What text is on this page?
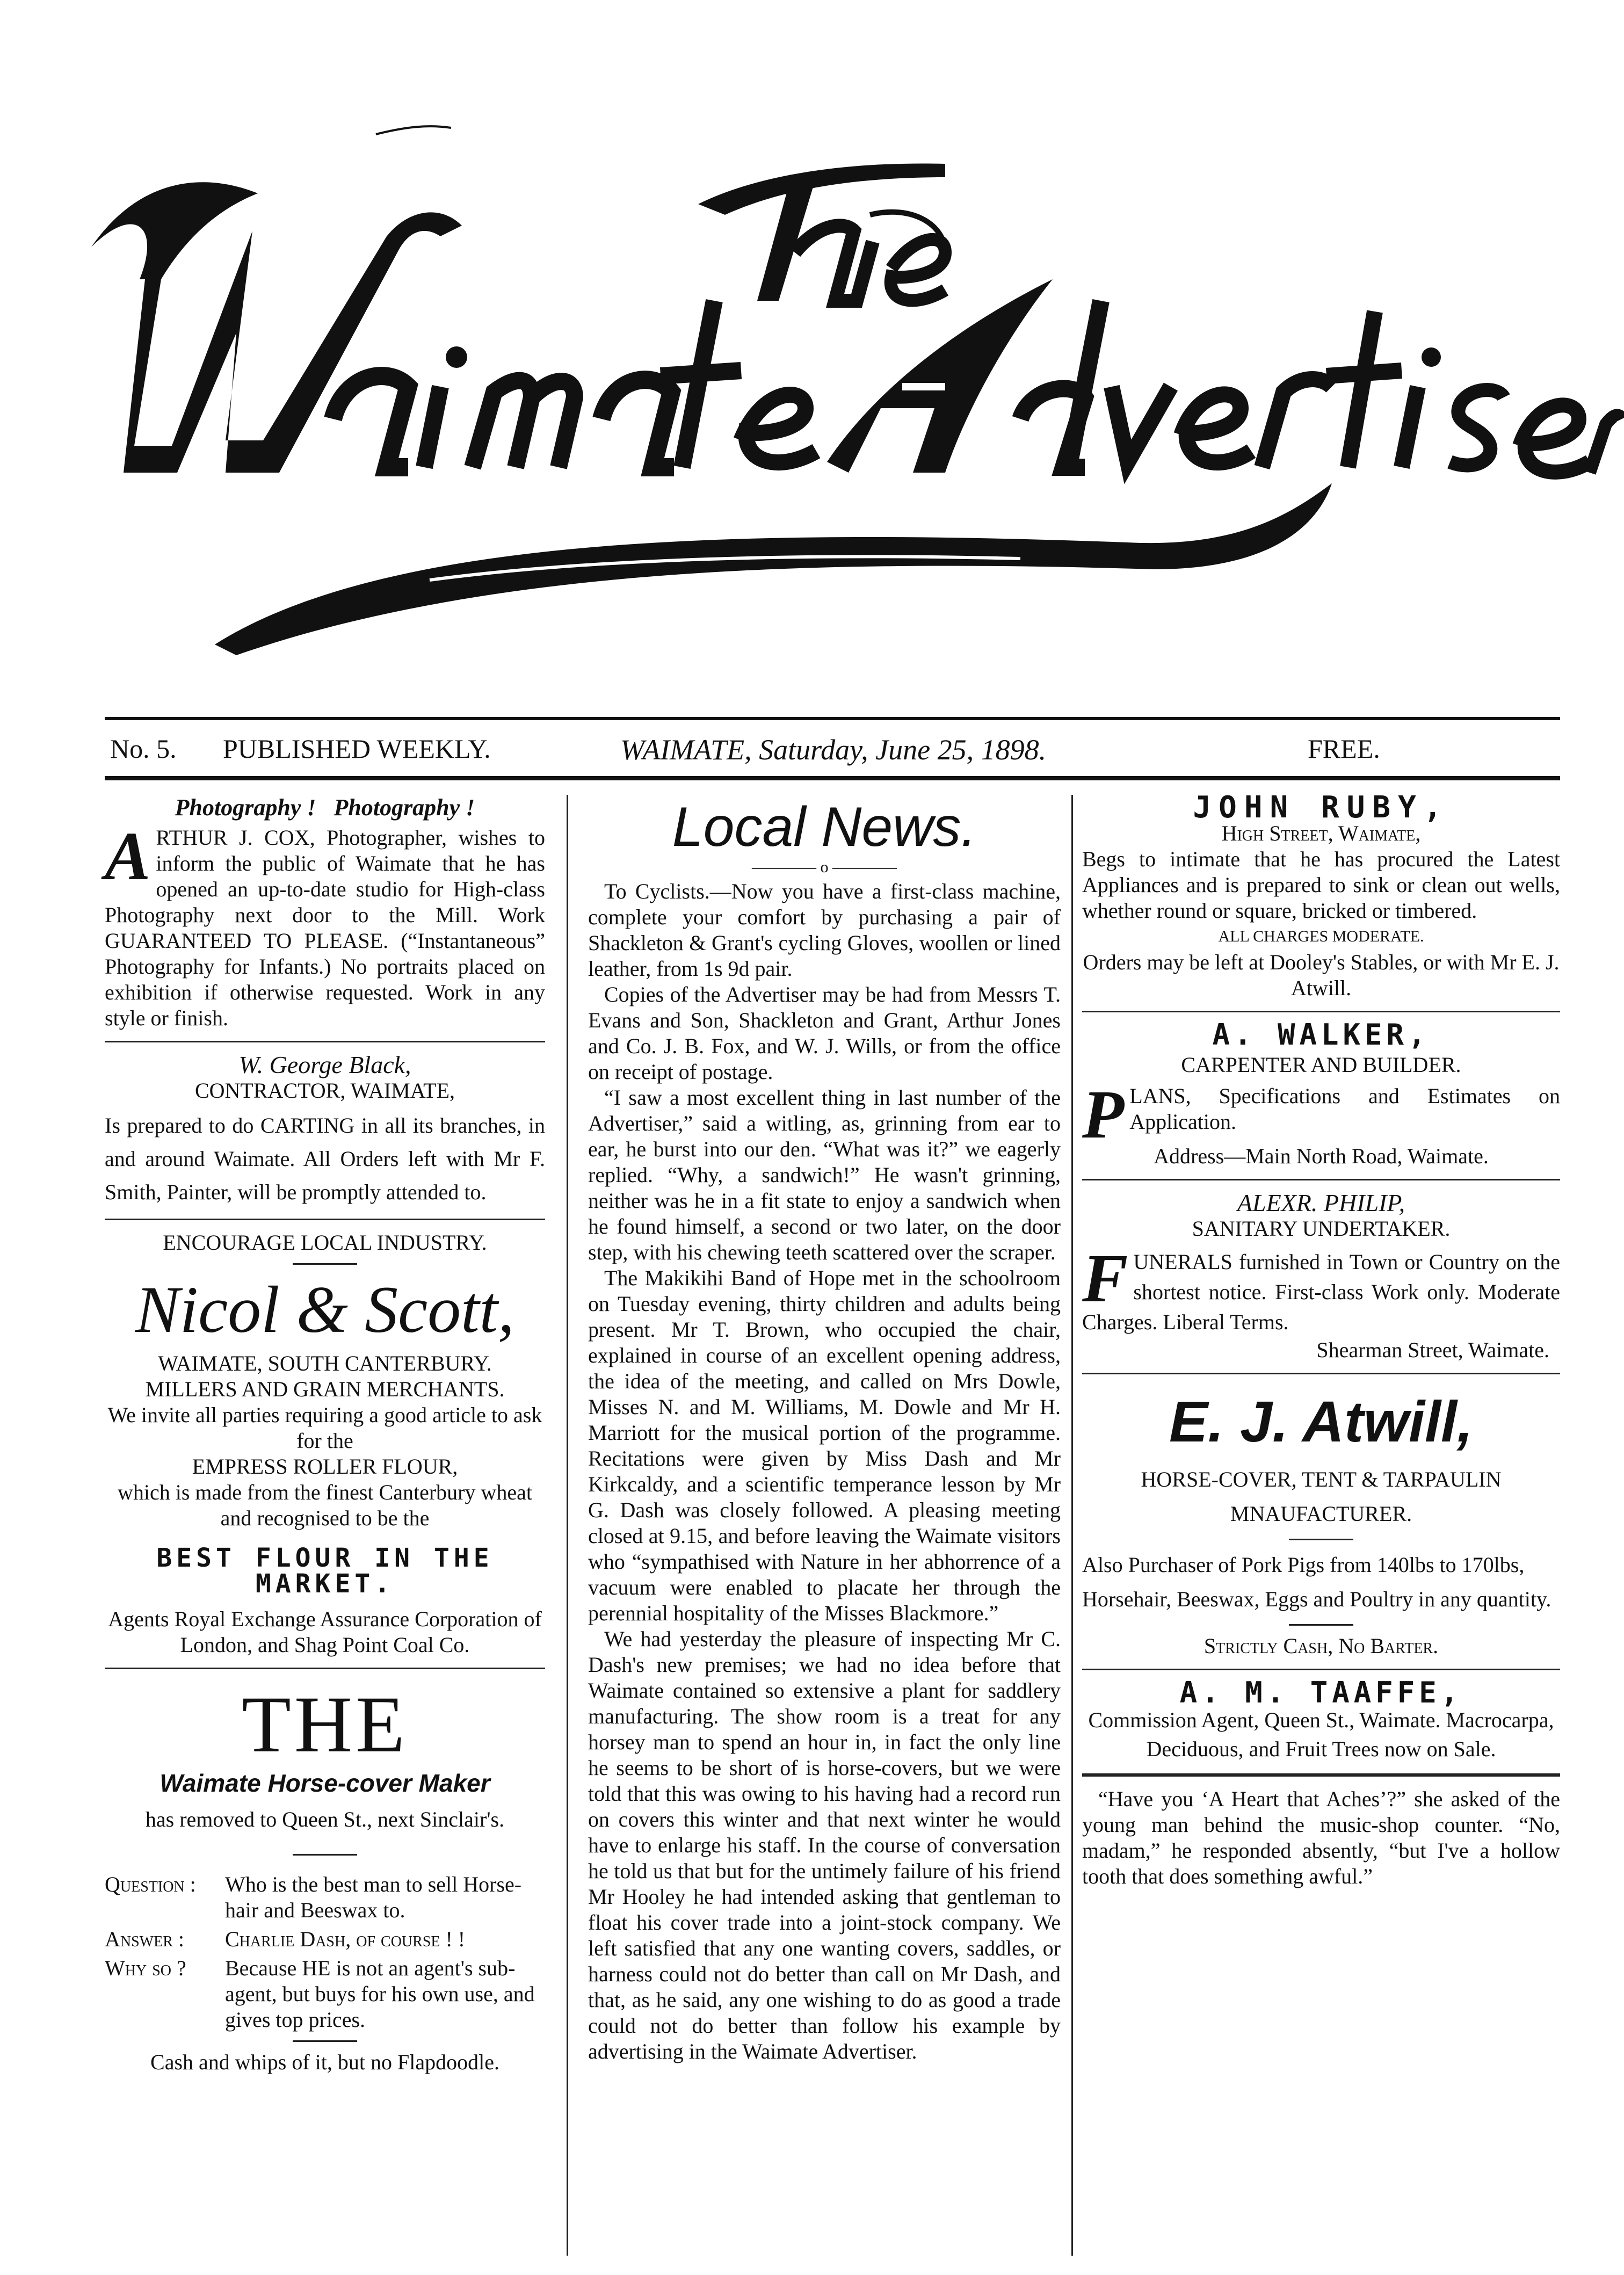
No. 5. PUBLISHED WEEKLY.	WAIMATE, Saturday, June 25, 1898.	FREE.

Photography !   Photography !

ARTHUR J. COX, Photographer, wishes to inform the public of Waimate that he has opened an up-to-date studio for High-class Photography next door to the Mill. Work GUARANTEED TO PLEASE. (“Instantaneous” Photography for Infants.) No portraits placed on exhibition if otherwise requested. Work in any style or finish.

W. George Black,

CONTRACTOR, WAIMATE,

Is prepared to do CARTING in all its branches, in and around Waimate. All Orders left with Mr F. Smith, Painter, will be promptly attended to.

ENCOURAGE LOCAL INDUSTRY.

Nicol & Scott,

WAIMATE, SOUTH CANTERBURY.

MILLERS AND GRAIN MERCHANTS.

We invite all parties requiring a good article to ask for the

EMPRESS ROLLER FLOUR,

which is made from the finest Canterbury wheat and recognised to be the

BEST FLOUR IN THE MARKET.

Agents Royal Exchange Assurance Corporation of London, and Shag Point Coal Co.

THE

Waimate Horse-cover Maker

has removed to Queen St., next Sinclair's.

Question :	Who is the best man to sell Horse-hair and Beeswax to.
Answer :	Charlie Dash, of course ! !
Why so ?	Because HE is not an agent's sub-agent, but buys for his own use, and gives top prices.

Cash and whips of it, but no Flapdoodle.

Local News.

———— o ————

To Cyclists.—Now you have a first-class machine, complete your comfort by purchasing a pair of Shackleton & Grant's cycling Gloves, woollen or lined leather, from 1s 9d pair.

Copies of the Advertiser may be had from Messrs T. Evans and Son, Shackleton and Grant, Arthur Jones and Co. J. B. Fox, and W. J. Wills, or from the office on receipt of postage.

“I saw a most excellent thing in last number of the Advertiser,” said a witling, as, grinning from ear to ear, he burst into our den. “What was it?” we eagerly replied. “Why, a sandwich!” He wasn't grinning, neither was he in a fit state to enjoy a sandwich when he found himself, a second or two later, on the door step, with his chewing teeth scattered over the scraper.

The Makikihi Band of Hope met in the schoolroom on Tuesday evening, thirty children and adults being present. Mr T. Brown, who occupied the chair, explained in course of an excellent opening address, the idea of the meeting, and called on Mrs Dowle, Misses N. and M. Williams, M. Dowle and Mr H. Marriott for the musical portion of the programme. Recitations were given by Miss Dash and Mr Kirkcaldy, and a scientific temperance lesson by Mr G. Dash was closely followed. A pleasing meeting closed at 9.15, and before leaving the Waimate visitors who “sympathised with Nature in her abhorrence of a vacuum were enabled to placate her through the perennial hospitality of the Misses Blackmore.”

We had yesterday the pleasure of inspecting Mr C. Dash's new premises; we had no idea before that Waimate contained so extensive a plant for saddlery manufacturing. The show room is a treat for any horsey man to spend an hour in, in fact the only line he seems to be short of is horse-covers, but we were told that this was owing to his having had a record run on covers this winter and that next winter he would have to enlarge his staff. In the course of conversation he told us that but for the untimely failure of his friend Mr Hooley he had intended asking that gentleman to float his cover trade into a joint-stock company. We left satisfied that any one wanting covers, saddles, or harness could not do better than call on Mr Dash, and that, as he said, any one wishing to do as good a trade could not do better than follow his example by advertising in the Waimate Advertiser.

JOHN RUBY,

High Street, Waimate,

Begs to intimate that he has procured the Latest Appliances and is prepared to sink or clean out wells, whether round or square, bricked or timbered.

ALL CHARGES MODERATE.

Orders may be left at Dooley's Stables, or with Mr E. J. Atwill.

A. WALKER,

CARPENTER AND BUILDER.

PLANS, Specifications and Estimates on Application.

Address—Main North Road, Waimate.

ALEXR. PHILIP,

SANITARY UNDERTAKER.

FUNERALS furnished in Town or Country on the shortest notice. First-class Work only. Moderate Charges. Liberal Terms.

Shearman Street, Waimate.

E. J. Atwill,

HORSE-COVER, TENT & TARPAULIN MNAUFACTURER.

Also Purchaser of Pork Pigs from 140lbs to 170lbs, Horsehair, Beeswax, Eggs and Poultry in any quantity.

Strictly Cash, No Barter.

A. M. TAAFFE,

Commission Agent, Queen St., Waimate. Macrocarpa, Deciduous, and Fruit Trees now on Sale.

“Have you ‘A Heart that Aches’?” she asked of the young man behind the music-shop counter. “No, madam,” he responded absently, “but I've a hollow tooth that does something awful.”
